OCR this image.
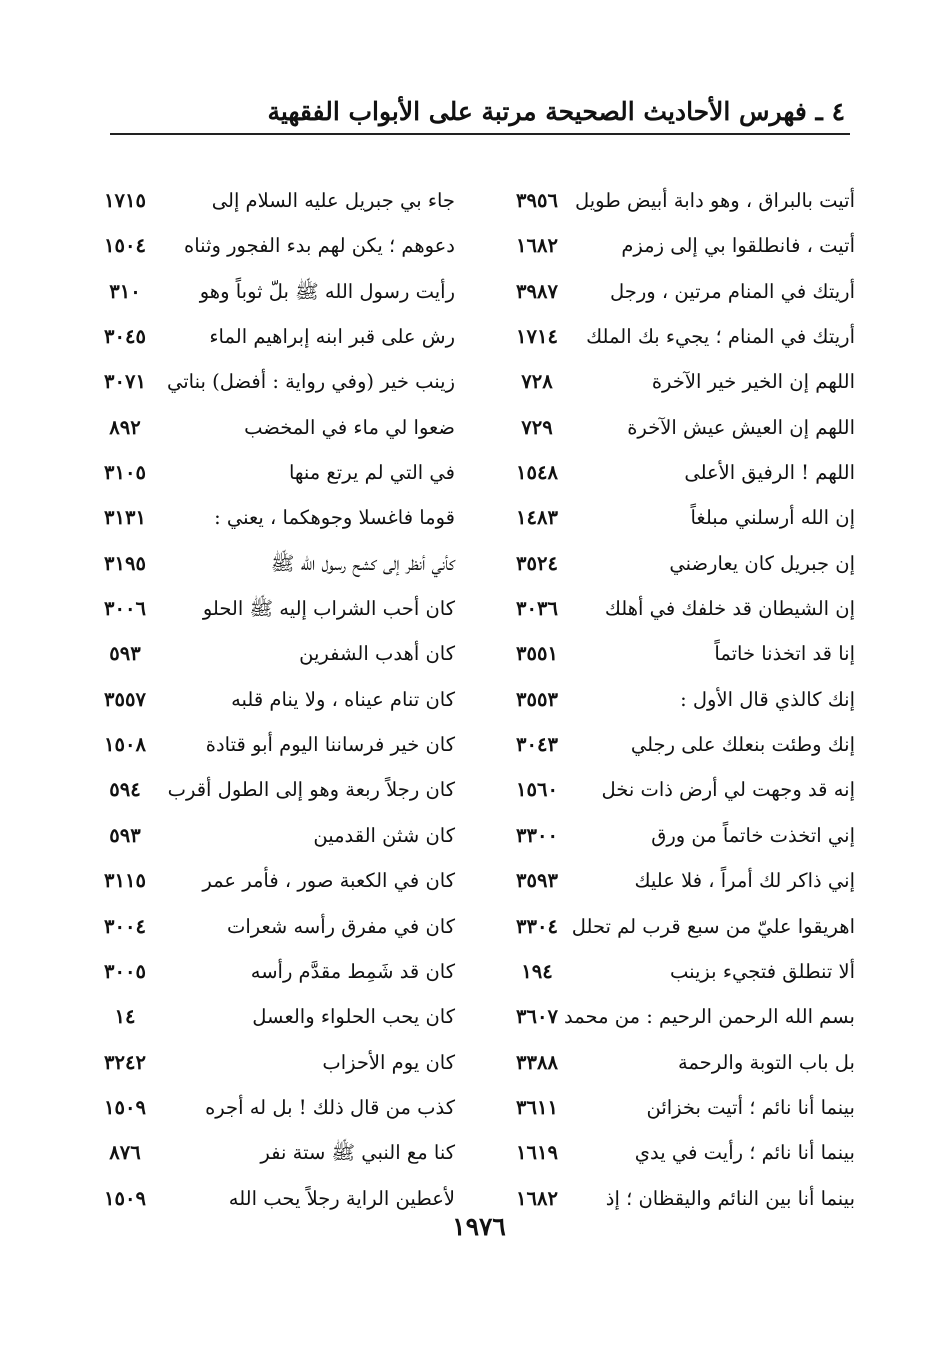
٤ ـ فهرس الأحاديث الصحيحة مرتبة على الأبواب الفقهية
أتيت بالبراق ، وهو دابة أبيض طويل
٣٩٥٦
جاء بي جبريل عليه السلام إلى
١٧١٥
أتيت ، فانطلقوا بي إلى زمزم
١٦٨٢
دعوهم ؛ يكن لهم بدء الفجور وثناه
١٥٠٤
أريتك في المنام مرتين ، ورجل
٣٩٨٧
رأيت رسول الله ﷺ بلّ ثوباً وهو
٣١٠
أريتك في المنام ؛ يجيء بك الملك
١٧١٤
رش على قبر ابنه إبراهيم الماء
٣٠٤٥
اللهم إن الخير خير الآخرة
٧٢٨
زينب خير (وفي رواية : أفضل) بناتي
٣٠٧١
اللهم إن العيش عيش الآخرة
٧٢٩
ضعوا لي ماء في المخضب
٨٩٢
اللهم ! الرفيق الأعلى
١٥٤٨
في التي لم يرتع منها
٣١٠٥
إن الله أرسلني مبلغاً
١٤٨٣
قوما فاغسلا وجوهكما ، يعني :
٣١٣١
إن جبريل كان يعارضني
٣٥٢٤
كأني أنظر إلى كشح رسول الله ﷺ
٣١٩٥
إن الشيطان قد خلفك في أهلك
٣٠٣٦
كان أحب الشراب إليه ﷺ الحلو
٣٠٠٦
إنا قد اتخذنا خاتماً
٣٥٥١
كان أهدب الشفرين
٥٩٣
إنك كالذي قال الأول :
٣٥٥٣
كان تنام عيناه ، ولا ينام قلبه
٣٥٥٧
إنك وطئت بنعلك على رجلي
٣٠٤٣
كان خير فرساننا اليوم أبو قتادة
١٥٠٨
إنه قد وجهت لي أرض ذات نخل
١٥٦٠
كان رجلاً ربعة وهو إلى الطول أقرب
٥٩٤
إني اتخذت خاتماً من ورق
٣٣٠٠
كان شثن القدمين
٥٩٣
إني ذاكر لك أمراً ، فلا عليك
٣٥٩٣
كان في الكعبة صور ، فأمر عمر
٣١١٥
اهريقوا عليّ من سبع قرب لم تحلل
٣٣٠٤
كان في مفرق رأسه شعرات
٣٠٠٤
ألا تنطلق فتجيء بزينب
١٩٤
كان قد شَمِط مقدَّم رأسه
٣٠٠٥
بسم الله الرحمن الرحيم : من محمد
٣٦٠٧
كان يحب الحلواء والعسل
١٤
بل باب التوبة والرحمة
٣٣٨٨
كان يوم الأحزاب
٣٢٤٢
بينما أنا نائم ؛ أتيت بخزائن
٣٦١١
كذب من قال ذلك ! بل له أجره
١٥٠٩
بينما أنا نائم ؛ رأيت في يدي
١٦١٩
كنا مع النبي ﷺ ستة نفر
٨٧٦
بينما أنا بين النائم واليقظان ؛ إذ
١٦٨٢
لأعطين الراية رجلاً يحب الله
١٥٠٩
١٩٧٦
